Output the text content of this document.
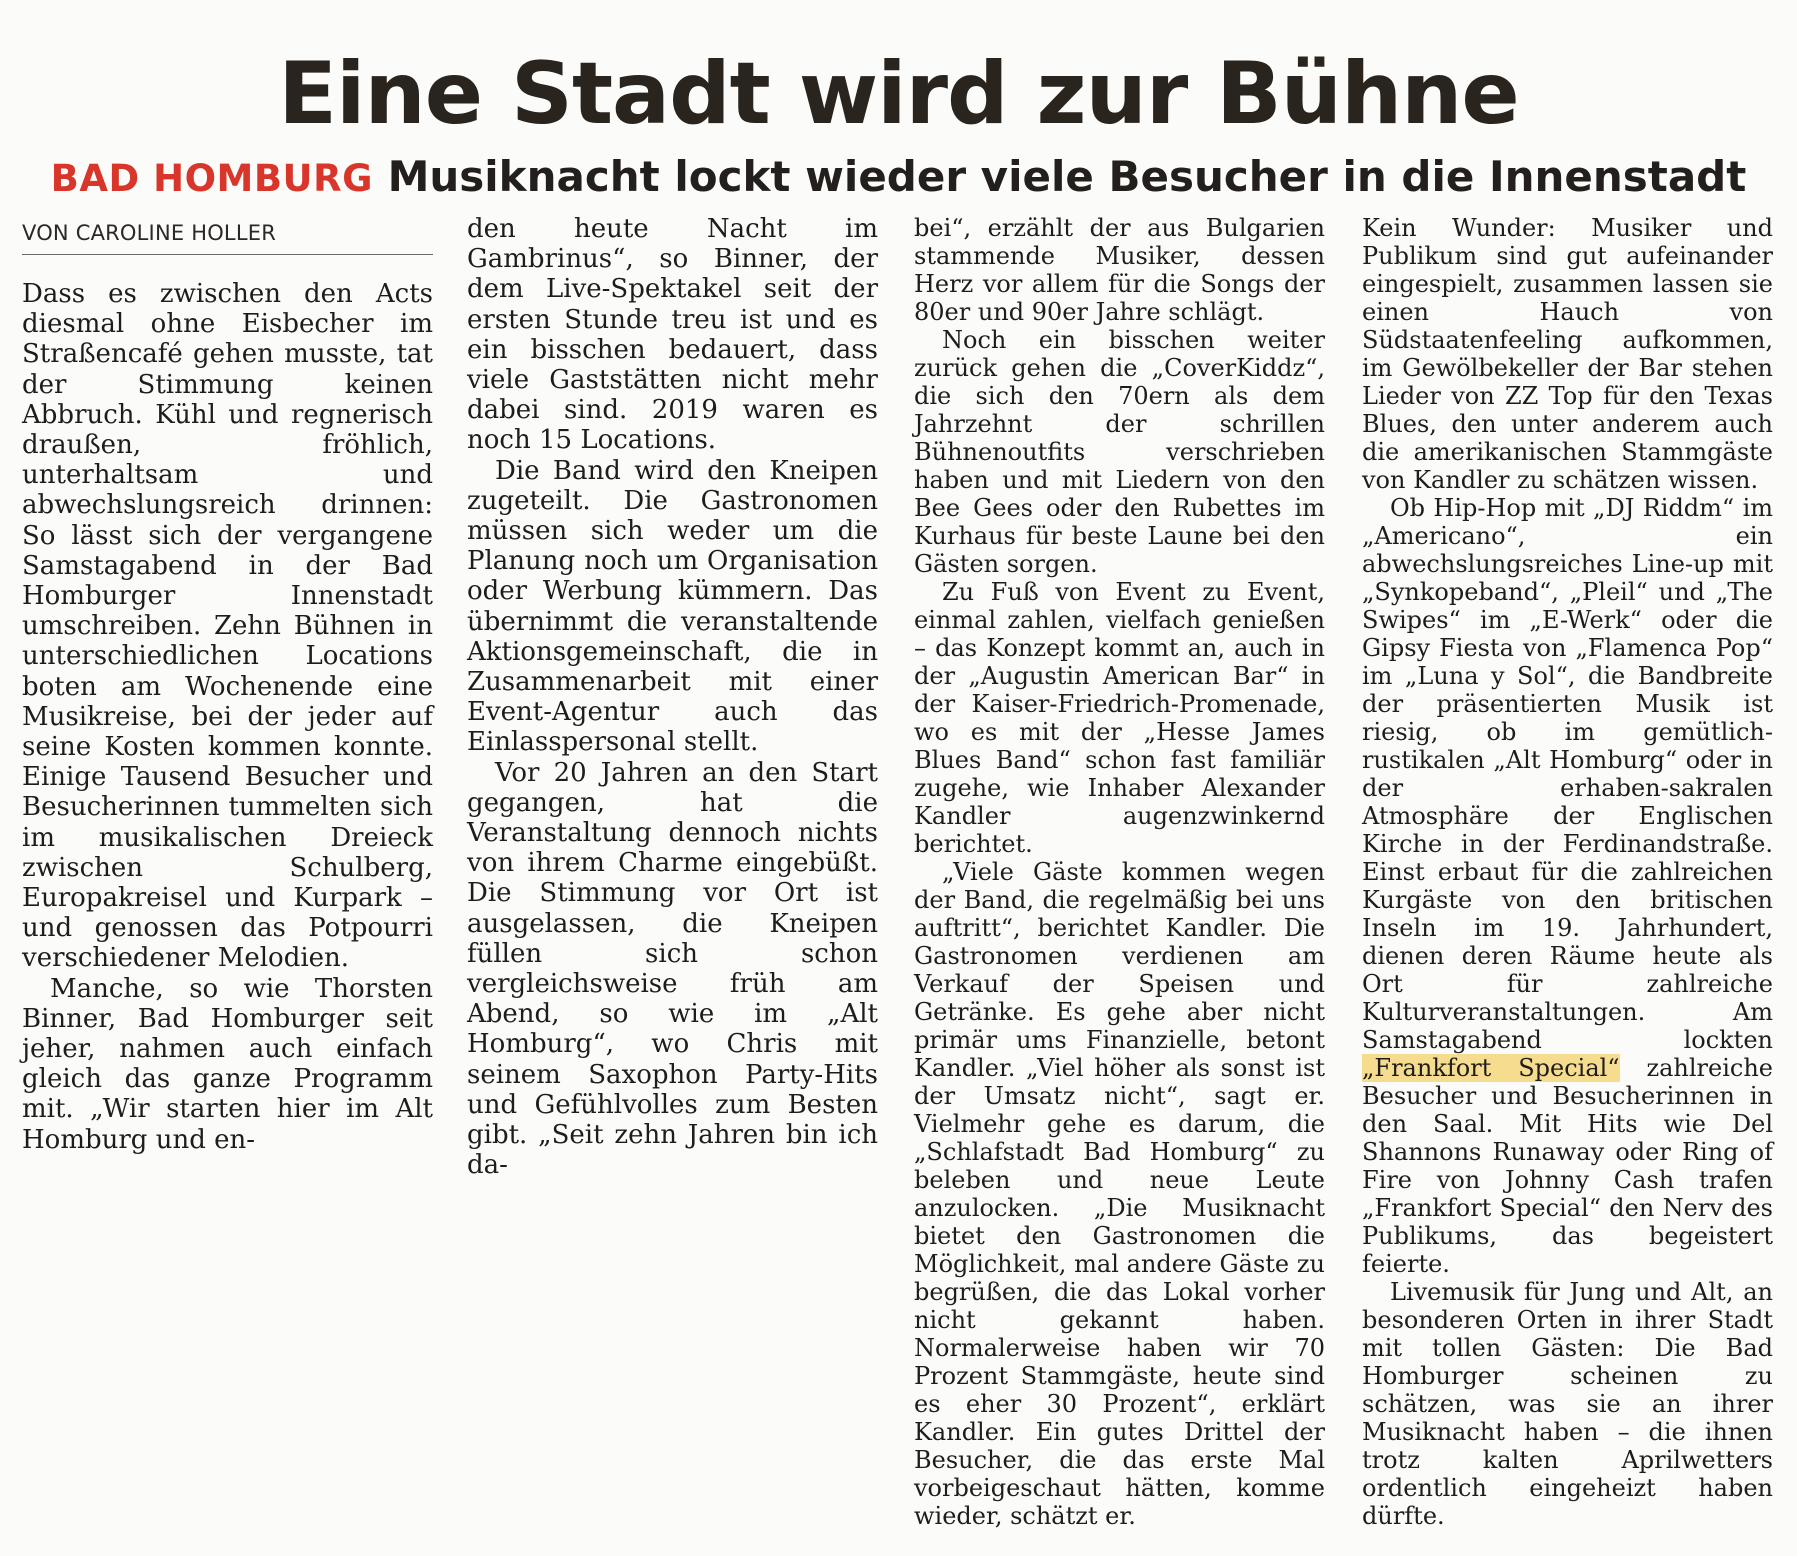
Eine Stadt wird zur Bühne
BAD HOMBURG Musiknacht lockt wieder viele Besucher in die Innenstadt
VON CAROLINE HOLLER

Dass es zwischen den Acts diesmal ohne Eisbecher im Straßencafé gehen musste, tat der Stimmung keinen Abbruch. Kühl und regnerisch draußen, fröhlich, unterhaltsam und abwechslungsreich drinnen: So lässt sich der vergangene Samstagabend in der Bad Homburger Innenstadt umschreiben. Zehn Bühnen in unterschiedlichen Locations boten am Wochenende eine Musikreise, bei der jeder auf seine Kosten kommen konnte. Einige Tausend Besucher und Besucherinnen tummelten sich im musikalischen Dreieck zwischen Schulberg, Europakreisel und Kurpark – und genossen das Potpourri verschiedener Melodien.

Manche, so wie Thorsten Binner, Bad Homburger seit jeher, nahmen auch einfach gleich das ganze Programm mit. „Wir starten hier im Alt Homburg und en-

den heute Nacht im Gambrinus“, so Binner, der dem Live-Spektakel seit der ersten Stunde treu ist und es ein bisschen bedauert, dass viele Gaststätten nicht mehr dabei sind. 2019 waren es noch 15 Locations.

Die Band wird den Kneipen zugeteilt. Die Gastronomen müssen sich weder um die Planung noch um Organisation oder Werbung kümmern. Das übernimmt die veranstaltende Aktionsgemeinschaft, die in Zusammenarbeit mit einer Event-Agentur auch das Einlasspersonal stellt.

Vor 20 Jahren an den Start gegangen, hat die Veranstaltung dennoch nichts von ihrem Charme eingebüßt. Die Stimmung vor Ort ist ausgelassen, die Kneipen füllen sich schon vergleichsweise früh am Abend, so wie im „Alt Homburg“, wo Chris mit seinem Saxophon Party-Hits und Gefühlvolles zum Besten gibt. „Seit zehn Jahren bin ich da-

bei“, erzählt der aus Bulgarien stammende Musiker, dessen Herz vor allem für die Songs der 80er und 90er Jahre schlägt.

Noch ein bisschen weiter zurück gehen die „CoverKiddz“, die sich den 70ern als dem Jahrzehnt der schrillen Bühnenoutfits verschrieben haben und mit Liedern von den Bee Gees oder den Rubettes im Kurhaus für beste Laune bei den Gästen sorgen.

Zu Fuß von Event zu Event, einmal zahlen, vielfach genießen – das Konzept kommt an, auch in der „Augustin American Bar“ in der Kaiser-Friedrich-Promenade, wo es mit der „Hesse James Blues Band“ schon fast familiär zugehe, wie Inhaber Alexander Kandler augenzwinkernd berichtet.

„Viele Gäste kommen wegen der Band, die regelmäßig bei uns auftritt“, berichtet Kandler. Die Gastronomen verdienen am Verkauf der Speisen und Getränke. Es gehe aber nicht primär ums Finanzielle, betont Kandler. „Viel höher als sonst ist der Umsatz nicht“, sagt er. Vielmehr gehe es darum, die „Schlafstadt Bad Homburg“ zu beleben und neue Leute anzulocken. „Die Musiknacht bietet den Gastronomen die Möglichkeit, mal andere Gäste zu begrüßen, die das Lokal vorher nicht gekannt haben. Normalerweise haben wir 70 Prozent Stammgäste, heute sind es eher 30 Prozent“, erklärt Kandler. Ein gutes Drittel der Besucher, die das erste Mal vorbeigeschaut hätten, komme wieder, schätzt er.

Kein Wunder: Musiker und Publikum sind gut aufeinander eingespielt, zusammen lassen sie einen Hauch von Südstaatenfeeling aufkommen, im Gewölbekeller der Bar stehen Lieder von ZZ Top für den Texas Blues, den unter anderem auch die amerikanischen Stammgäste von Kandler zu schätzen wissen.

Ob Hip-Hop mit „DJ Riddm“ im „Americano“, ein abwechslungsreiches Line-up mit „Synkopeband“, „Pleil“ und „The Swipes“ im „E-Werk“ oder die Gipsy Fiesta von „Flamenca Pop“ im „Luna y Sol“, die Bandbreite der präsentierten Musik ist riesig, ob im gemütlich-rustikalen „Alt Homburg“ oder in der erhaben-sakralen Atmosphäre der Englischen Kirche in der Ferdinandstraße. Einst erbaut für die zahlreichen Kurgäste von den britischen Inseln im 19. Jahrhundert, dienen deren Räume heute als Ort für zahlreiche Kulturveranstaltungen. Am Samstagabend lockten „Frankfort Special“ zahlreiche Besucher und Besucherinnen in den Saal. Mit Hits wie Del Shannons Runaway oder Ring of Fire von Johnny Cash trafen „Frankfort Special“ den Nerv des Publikums, das begeistert feierte.

Livemusik für Jung und Alt, an besonderen Orten in ihrer Stadt mit tollen Gästen: Die Bad Homburger scheinen zu schätzen, was sie an ihrer Musiknacht haben – die ihnen trotz kalten Aprilwetters ordentlich eingeheizt haben dürfte.
